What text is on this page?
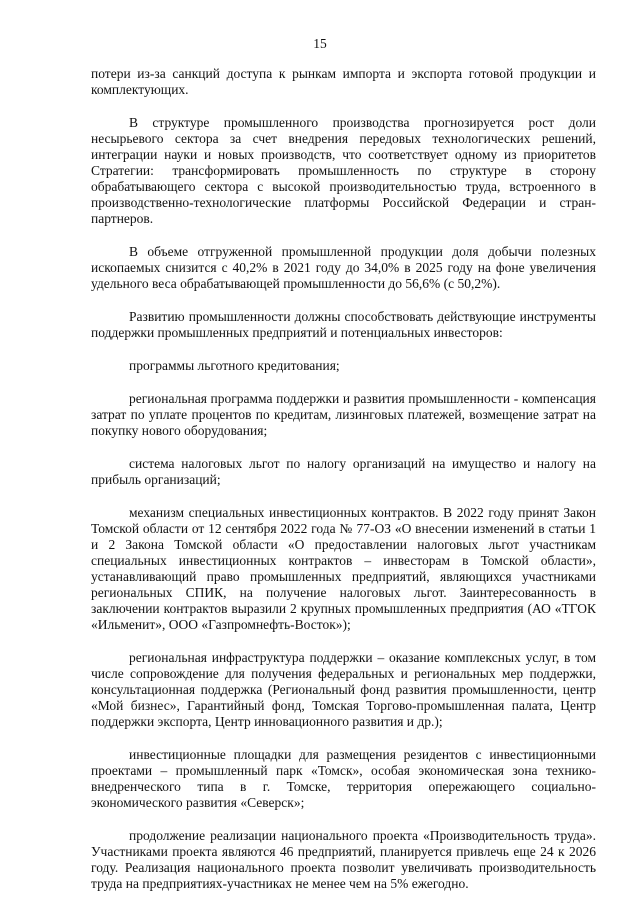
15

потери из-за санкций доступа к рынкам импорта и экспорта готовой продукции и комплектующих.

В структуре промышленного производства прогнозируется рост доли несырьевого сектора за счет внедрения передовых технологических решений, интеграции науки и новых производств, что соответствует одному из приоритетов Стратегии: трансформировать промышленность по структуре в сторону обрабатывающего сектора с высокой производительностью труда, встроенного в производственно-технологические платформы Российской Федерации и стран-партнеров.

В объеме отгруженной промышленной продукции доля добычи полезных ископаемых снизится с 40,2% в 2021 году до 34,0% в 2025 году на фоне увеличения удельного веса обрабатывающей промышленности до 56,6% (с 50,2%).

Развитию промышленности должны способствовать действующие инструменты поддержки промышленных предприятий и потенциальных инвесторов:

программы льготного кредитования;

региональная программа поддержки и развития промышленности - компенсация затрат по уплате процентов по кредитам, лизинговых платежей, возмещение затрат на покупку нового оборудования;

система налоговых льгот по налогу организаций на имущество и налогу на прибыль организаций;

механизм специальных инвестиционных контрактов. В 2022 году принят Закон Томской области от 12 сентября 2022 года № 77-ОЗ «О внесении изменений в статьи 1 и 2 Закона Томской области «О предоставлении налоговых льгот участникам специальных инвестиционных контрактов – инвесторам в Томской области», устанавливающий право промышленных предприятий, являющихся участниками региональных СПИК, на получение налоговых льгот. Заинтересованность в заключении контрактов выразили 2 крупных промышленных предприятия (АО «ТГОК «Ильменит», ООО «Газпромнефть-Восток»);

региональная инфраструктура поддержки – оказание комплексных услуг, в том числе сопровождение для получения федеральных и региональных мер поддержки, консультационная поддержка (Региональный фонд развития промышленности, центр «Мой бизнес», Гарантийный фонд, Томская Торгово-промышленная палата, Центр поддержки экспорта, Центр инновационного развития и др.);

инвестиционные площадки для размещения резидентов с инвестиционными проектами – промышленный парк «Томск», особая экономическая зона технико-внедренческого типа в г. Томске, территория опережающего социально-экономического развития «Северск»;

продолжение реализации национального проекта «Производительность труда». Участниками проекта являются 46 предприятий, планируется привлечь еще 24 к 2026 году. Реализация национального проекта позволит увеличивать производительность труда на предприятиях-участниках не менее чем на 5% ежегодно.
